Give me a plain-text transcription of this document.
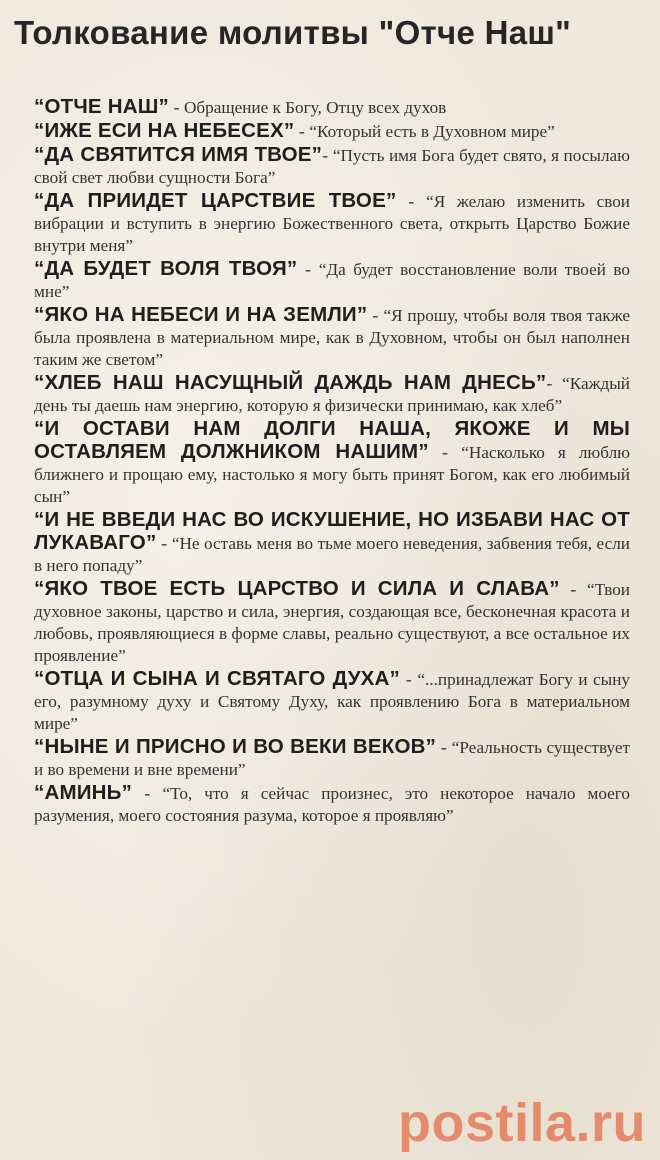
Толкование молитвы "Отче Наш"

“ОТЧЕ НАШ” - Обращение к Богу, Отцу всех духов

“ИЖЕ ЕСИ НА НЕБЕСЕХ” - “Который есть в Духовном мире”

“ДА СВЯТИТСЯ ИМЯ ТВОЕ”- “Пусть имя Бога будет свято, я посылаю свой свет любви сущности Бога”

“ДА ПРИИДЕТ ЦАРСТВИЕ ТВОЕ” - “Я желаю изменить свои вибрации и вступить в энергию Божественного света, открыть Царство Божие внутри меня”

“ДА БУДЕТ ВОЛЯ ТВОЯ” - “Да будет восстановление воли твоей во мне”

“ЯКО НА НЕБЕСИ И НА ЗЕМЛИ” - “Я прошу, чтобы воля твоя также была проявлена в материальном мире, как в Духовном, чтобы он был наполнен таким же светом”

“ХЛЕБ НАШ НАСУЩНЫЙ ДАЖДЬ НАМ ДНЕСЬ”- “Каждый день ты даешь нам энергию, которую я физически принимаю, как хлеб”

“И ОСТАВИ НАМ ДОЛГИ НАША, ЯКОЖЕ И МЫ ОСТАВЛЯЕМ ДОЛЖНИКОМ НАШИМ” - “Насколько я люблю ближнего и прощаю ему, настолько я могу быть принят Богом, как его любимый сын”

“И НЕ ВВЕДИ НАС ВО ИСКУШЕНИЕ, НО ИЗБАВИ НАС ОТ ЛУКАВАГО” - “Не оставь меня во тьме моего неведения, забвения тебя, если в него попаду”

“ЯКО ТВОЕ ЕСТЬ ЦАРСТВО И СИЛА И СЛАВА” - “Твои духовное законы, царство и сила, энергия, создающая все, бесконечная красота и любовь, проявляющиеся в форме славы, реально существуют, а все остальное их проявление”

“ОТЦА И СЫНА И СВЯТАГО ДУХА” - “...принадлежат Богу и сыну его, разумному духу и Святому Духу, как проявлению Бога в материальном мире”

“НЫНЕ И ПРИСНО И ВО ВЕКИ ВЕКОВ” - “Реальность существует и во времени и вне времени”

“АМИНЬ” - “То, что я сейчас произнес, это некоторое начало моего разумения, моего состояния разума, которое я проявляю”

postila.ru
